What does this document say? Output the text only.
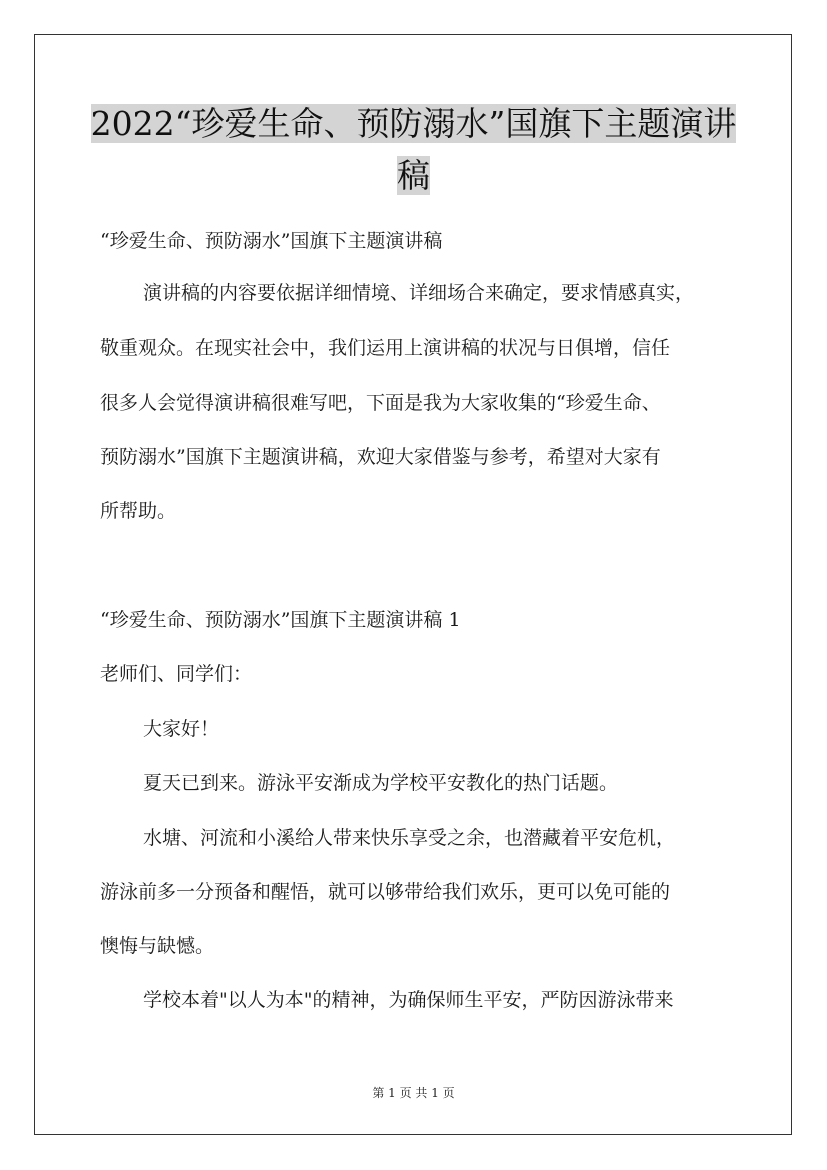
2022“珍爱生命、预防溺水”国旗下主题演讲
稿
“珍爱生命、预防溺水”国旗下主题演讲稿
演讲稿的内容要依据详细情境、详细场合来确定，要求情感真实，
敬重观众。在现实社会中，我们运用上演讲稿的状况与日俱增，信任
很多人会觉得演讲稿很难写吧，下面是我为大家收集的“珍爱生命、
预防溺水”国旗下主题演讲稿，欢迎大家借鉴与参考，希望对大家有
所帮助。
“珍爱生命、预防溺水”国旗下主题演讲稿 1
老师们、同学们：
大家好！
夏天已到来。游泳平安渐成为学校平安教化的热门话题。
水塘、河流和小溪给人带来快乐享受之余，也潜藏着平安危机，
游泳前多一分预备和醒悟，就可以够带给我们欢乐，更可以免可能的
懊悔与缺憾。
学校本着"以人为本"的精神，为确保师生平安，严防因游泳带来
第 1 页 共 1 页
